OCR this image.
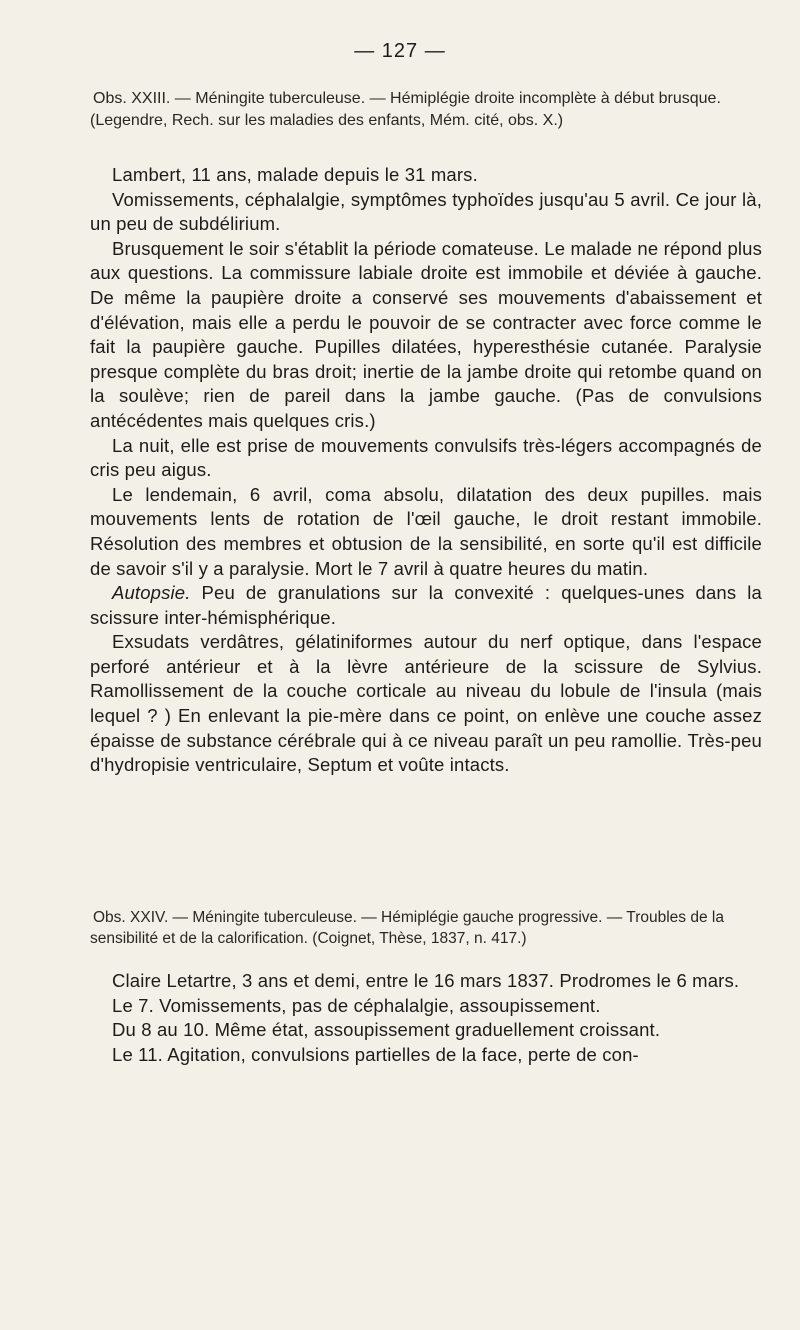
— 127 —

Obs. XXIII. — Méningite tuberculeuse. — Hémiplégie droite incomplète à début brusque. (Legendre, Rech. sur les maladies des enfants, Mém. cité, obs. X.)

Lambert, 11 ans, malade depuis le 31 mars.

Vomissements, céphalalgie, symptômes typhoïdes jusqu'au 5 avril. Ce jour là, un peu de subdélirium.

Brusquement le soir s'établit la période comateuse. Le malade ne répond plus aux questions. La commissure labiale droite est immobile et déviée à gauche. De même la paupière droite a conservé ses mouvements d'abaissement et d'élévation, mais elle a perdu le pouvoir de se contracter avec force comme le fait la paupière gauche. Pupilles dilatées, hyperesthésie cutanée. Paralysie presque complète du bras droit; inertie de la jambe droite qui retombe quand on la soulève; rien de pareil dans la jambe gauche. (Pas de convulsions antécédentes mais quelques cris.)

La nuit, elle est prise de mouvements convulsifs très-légers accompagnés de cris peu aigus.

Le lendemain, 6 avril, coma absolu, dilatation des deux pupilles. mais mouvements lents de rotation de l'œil gauche, le droit restant immobile. Résolution des membres et obtusion de la sensibilité, en sorte qu'il est difficile de savoir s'il y a paralysie. Mort le 7 avril à quatre heures du matin.

Autopsie. Peu de granulations sur la convexité : quelques-unes dans la scissure inter-hémisphérique.

Exsudats verdâtres, gélatiniformes autour du nerf optique, dans l'espace perforé antérieur et à la lèvre antérieure de la scissure de Sylvius. Ramollissement de la couche corticale au niveau du lobule de l'insula (mais lequel ? ) En enlevant la pie-mère dans ce point, on enlève une couche assez épaisse de substance cérébrale qui à ce niveau paraît un peu ramollie. Très-peu d'hydropisie ventriculaire, Septum et voûte intacts.

Obs. XXIV. — Méningite tuberculeuse. — Hémiplégie gauche progressive. — Troubles de la sensibilité et de la calorification. (Coignet, Thèse, 1837, n. 417.)

Claire Letartre, 3 ans et demi, entre le 16 mars 1837. Prodromes le 6 mars.

Le 7. Vomissements, pas de céphalalgie, assoupissement.

Du 8 au 10. Même état, assoupissement graduellement croissant.

Le 11. Agitation, convulsions partielles de la face, perte de con-
